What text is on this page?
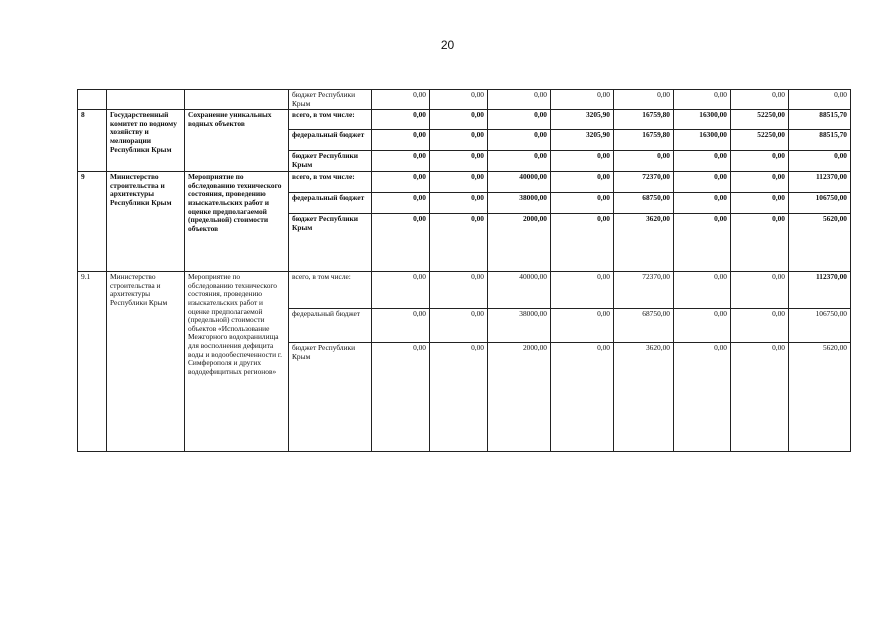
20
			бюджет Республики Крым	0,00	0,00	0,00	0,00	0,00	0,00	0,00	0,00
8	Государственный комитет по водному хозяйству и мелиорации Республики Крым	Сохранение уникальных водных объектов	всего, в том числе:	0,00	0,00	0,00	3205,90	16759,80	16300,00	52250,00	88515,70
			федеральный бюджет	0,00	0,00	0,00	3205,90	16759,80	16300,00	52250,00	88515,70
			бюджет Республики Крым	0,00	0,00	0,00	0,00	0,00	0,00	0,00	0,00
9	Министерство строительства и архитектуры Республики Крым	Мероприятие по обследованию технического состояния, проведению изыскательских работ и оценке предполагаемой (предельной) стоимости объектов	всего, в том числе:	0,00	0,00	40000,00	0,00	72370,00	0,00	0,00	112370,00
			федеральный бюджет	0,00	0,00	38000,00	0,00	68750,00	0,00	0,00	106750,00
			бюджет Республики Крым	0,00	0,00	2000,00	0,00	3620,00	0,00	0,00	5620,00
9.1	Министерство строительства и архитектуры Республики Крым	Мероприятие по обследованию технического состояния, проведению изыскательских работ и оценке предполагаемой (предельной) стоимости объектов «Использование Межгорного водохранилища для восполнения дефицита воды и водообеспеченности г. Симферополя и других вододефицитных регионов»	всего, в том числе:	0,00	0,00	40000,00	0,00	72370,00	0,00	0,00	112370,00
			федеральный бюджет	0,00	0,00	38000,00	0,00	68750,00	0,00	0,00	106750,00
			бюджет Республики Крым	0,00	0,00	2000,00	0,00	3620,00	0,00	0,00	5620,00
